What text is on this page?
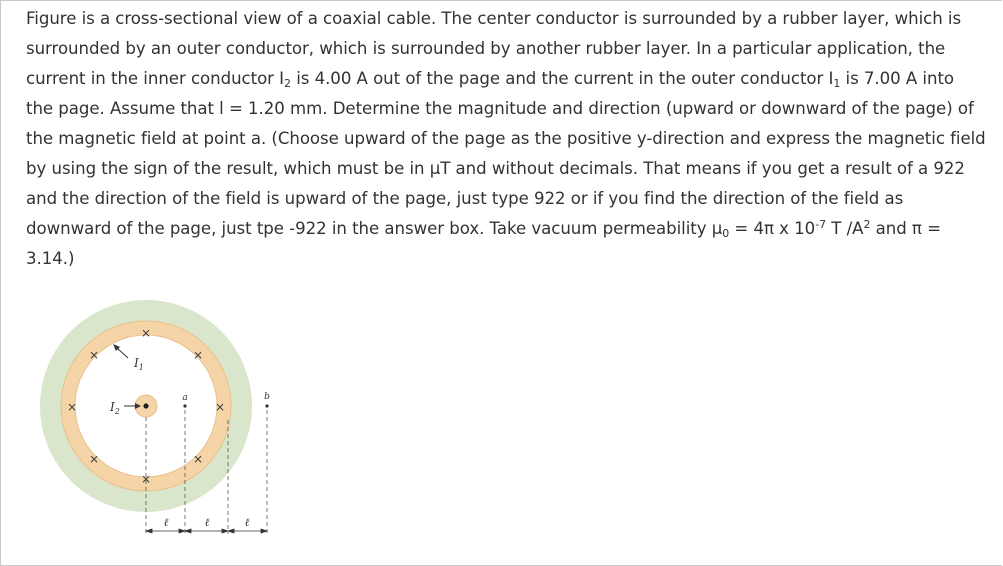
Figure is a cross-sectional view of a coaxial cable. The center conductor is surrounded by a rubber layer, which is surrounded by an outer conductor, which is surrounded by another rubber layer. In a particular application, the current in the inner conductor $I_2$ is 4.00 A out of the page and the current in the outer conductor $I_1$ is 7.00 A into the page. Assume that l = 1.20 mm. Determine the magnitude and direction (upward or downward of the page) of the magnetic field at point a. (Choose upward of the page as the positive y-direction and express the magnetic field by using the sign of the result, which must be in μT and without decimals. That means if you get a result of a 922 and the direction of the field is upward of the page, just type 922 or if you find the direction of the field as downward of the page, just tpe -922 in the answer box. Take vacuum permeability $\mu_0 = 4\pi$ x $10^{-7}$ T $/A^2$ and π = 3.14.)
×
×	×
×	×
×	×
×
$I_1$
$I_2$
a	b
ℓ	ℓ	ℓ
